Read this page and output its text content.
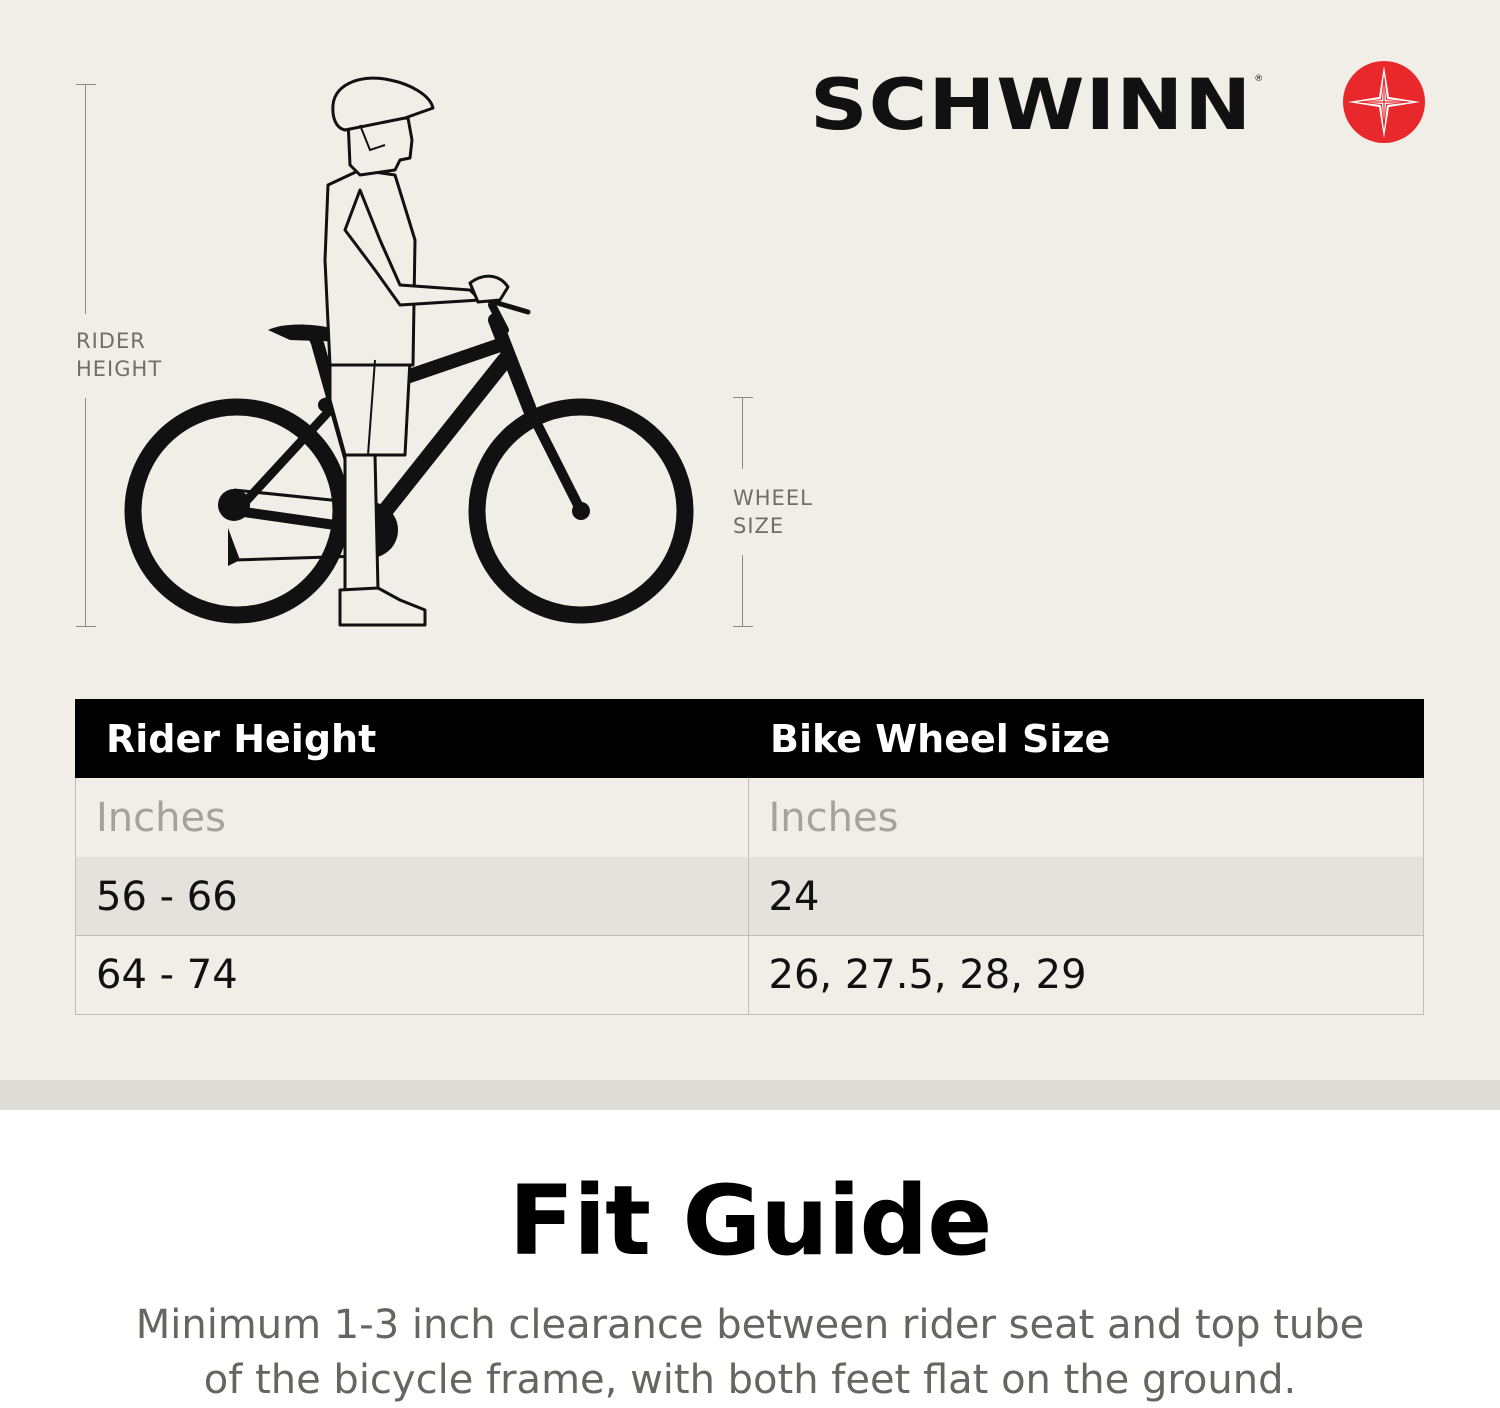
SCHWINN ®
RIDER
HEIGHT
WHEEL
SIZE
Rider Height	Bike Wheel Size
Inches	Inches
56 - 66	24
64 - 74	26, 27.5, 28, 29
Fit Guide
Minimum 1-3 inch clearance between rider seat and top tube
of the bicycle frame, with both feet flat on the ground.
